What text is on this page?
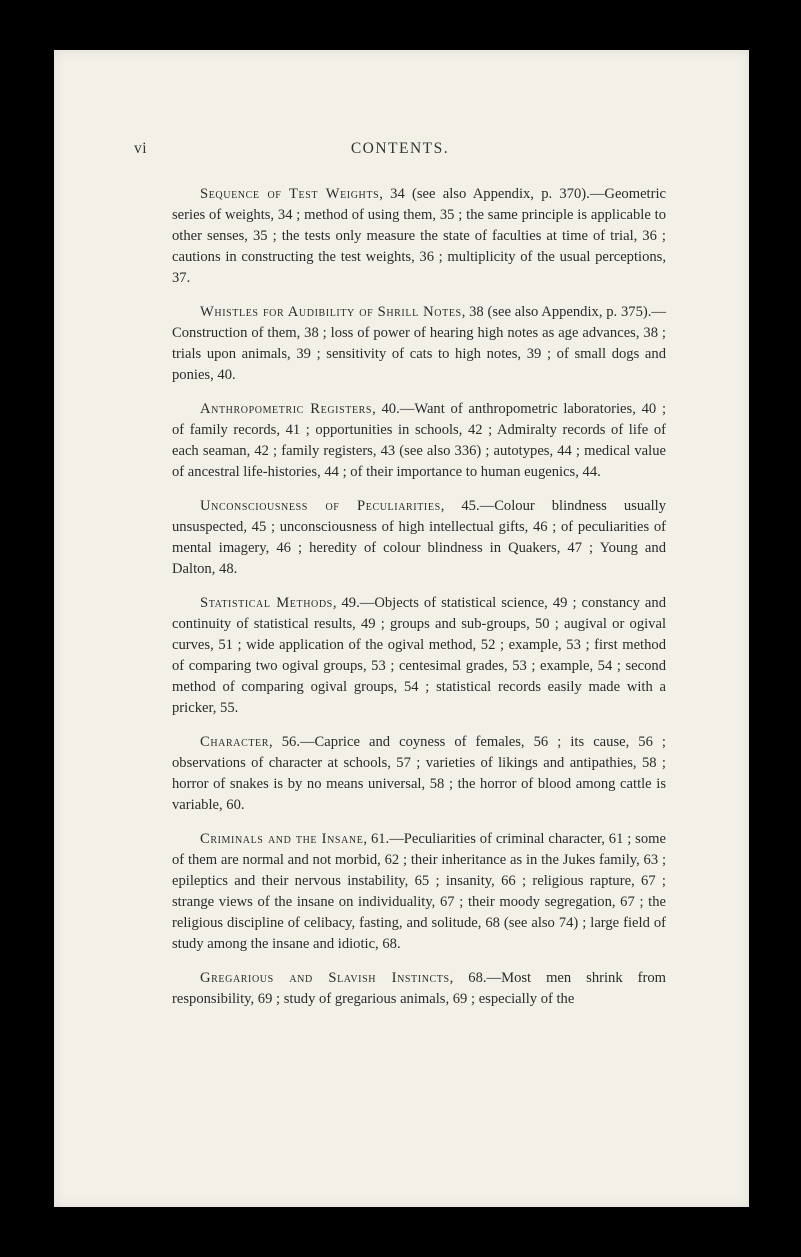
vi	CONTENTS.

Sequence of Test Weights, 34 (see also Appendix, p. 370).—Geometric series of weights, 34 ; method of using them, 35 ; the same principle is applicable to other senses, 35 ; the tests only measure the state of faculties at time of trial, 36 ; cautions in constructing the test weights, 36 ; multiplicity of the usual perceptions, 37.

Whistles for Audibility of Shrill Notes, 38 (see also Appendix, p. 375).—Construction of them, 38 ; loss of power of hearing high notes as age advances, 38 ; trials upon animals, 39 ; sensitivity of cats to high notes, 39 ; of small dogs and ponies, 40.

Anthropometric Registers, 40.—Want of anthropometric laboratories, 40 ; of family records, 41 ; opportunities in schools, 42 ; Admiralty records of life of each seaman, 42 ; family registers, 43 (see also 336) ; autotypes, 44 ; medical value of ancestral life-histories, 44 ; of their importance to human eugenics, 44.

Unconsciousness of Peculiarities, 45.—Colour blindness usually unsuspected, 45 ; unconsciousness of high intellectual gifts, 46 ; of peculiarities of mental imagery, 46 ; heredity of colour blindness in Quakers, 47 ; Young and Dalton, 48.

Statistical Methods, 49.—Objects of statistical science, 49 ; constancy and continuity of statistical results, 49 ; groups and sub-groups, 50 ; augival or ogival curves, 51 ; wide application of the ogival method, 52 ; example, 53 ; first method of comparing two ogival groups, 53 ; centesimal grades, 53 ; example, 54 ; second method of comparing ogival groups, 54 ; statistical records easily made with a pricker, 55.

Character, 56.—Caprice and coyness of females, 56 ; its cause, 56 ; observations of character at schools, 57 ; varieties of likings and antipathies, 58 ; horror of snakes is by no means universal, 58 ; the horror of blood among cattle is variable, 60.

Criminals and the Insane, 61.—Peculiarities of criminal character, 61 ; some of them are normal and not morbid, 62 ; their inheritance as in the Jukes family, 63 ; epileptics and their nervous instability, 65 ; insanity, 66 ; religious rapture, 67 ; strange views of the insane on individuality, 67 ; their moody segregation, 67 ; the religious discipline of celibacy, fasting, and solitude, 68 (see also 74) ; large field of study among the insane and idiotic, 68.

Gregarious and Slavish Instincts, 68.—Most men shrink from responsibility, 69 ; study of gregarious animals, 69 ; especially of the
